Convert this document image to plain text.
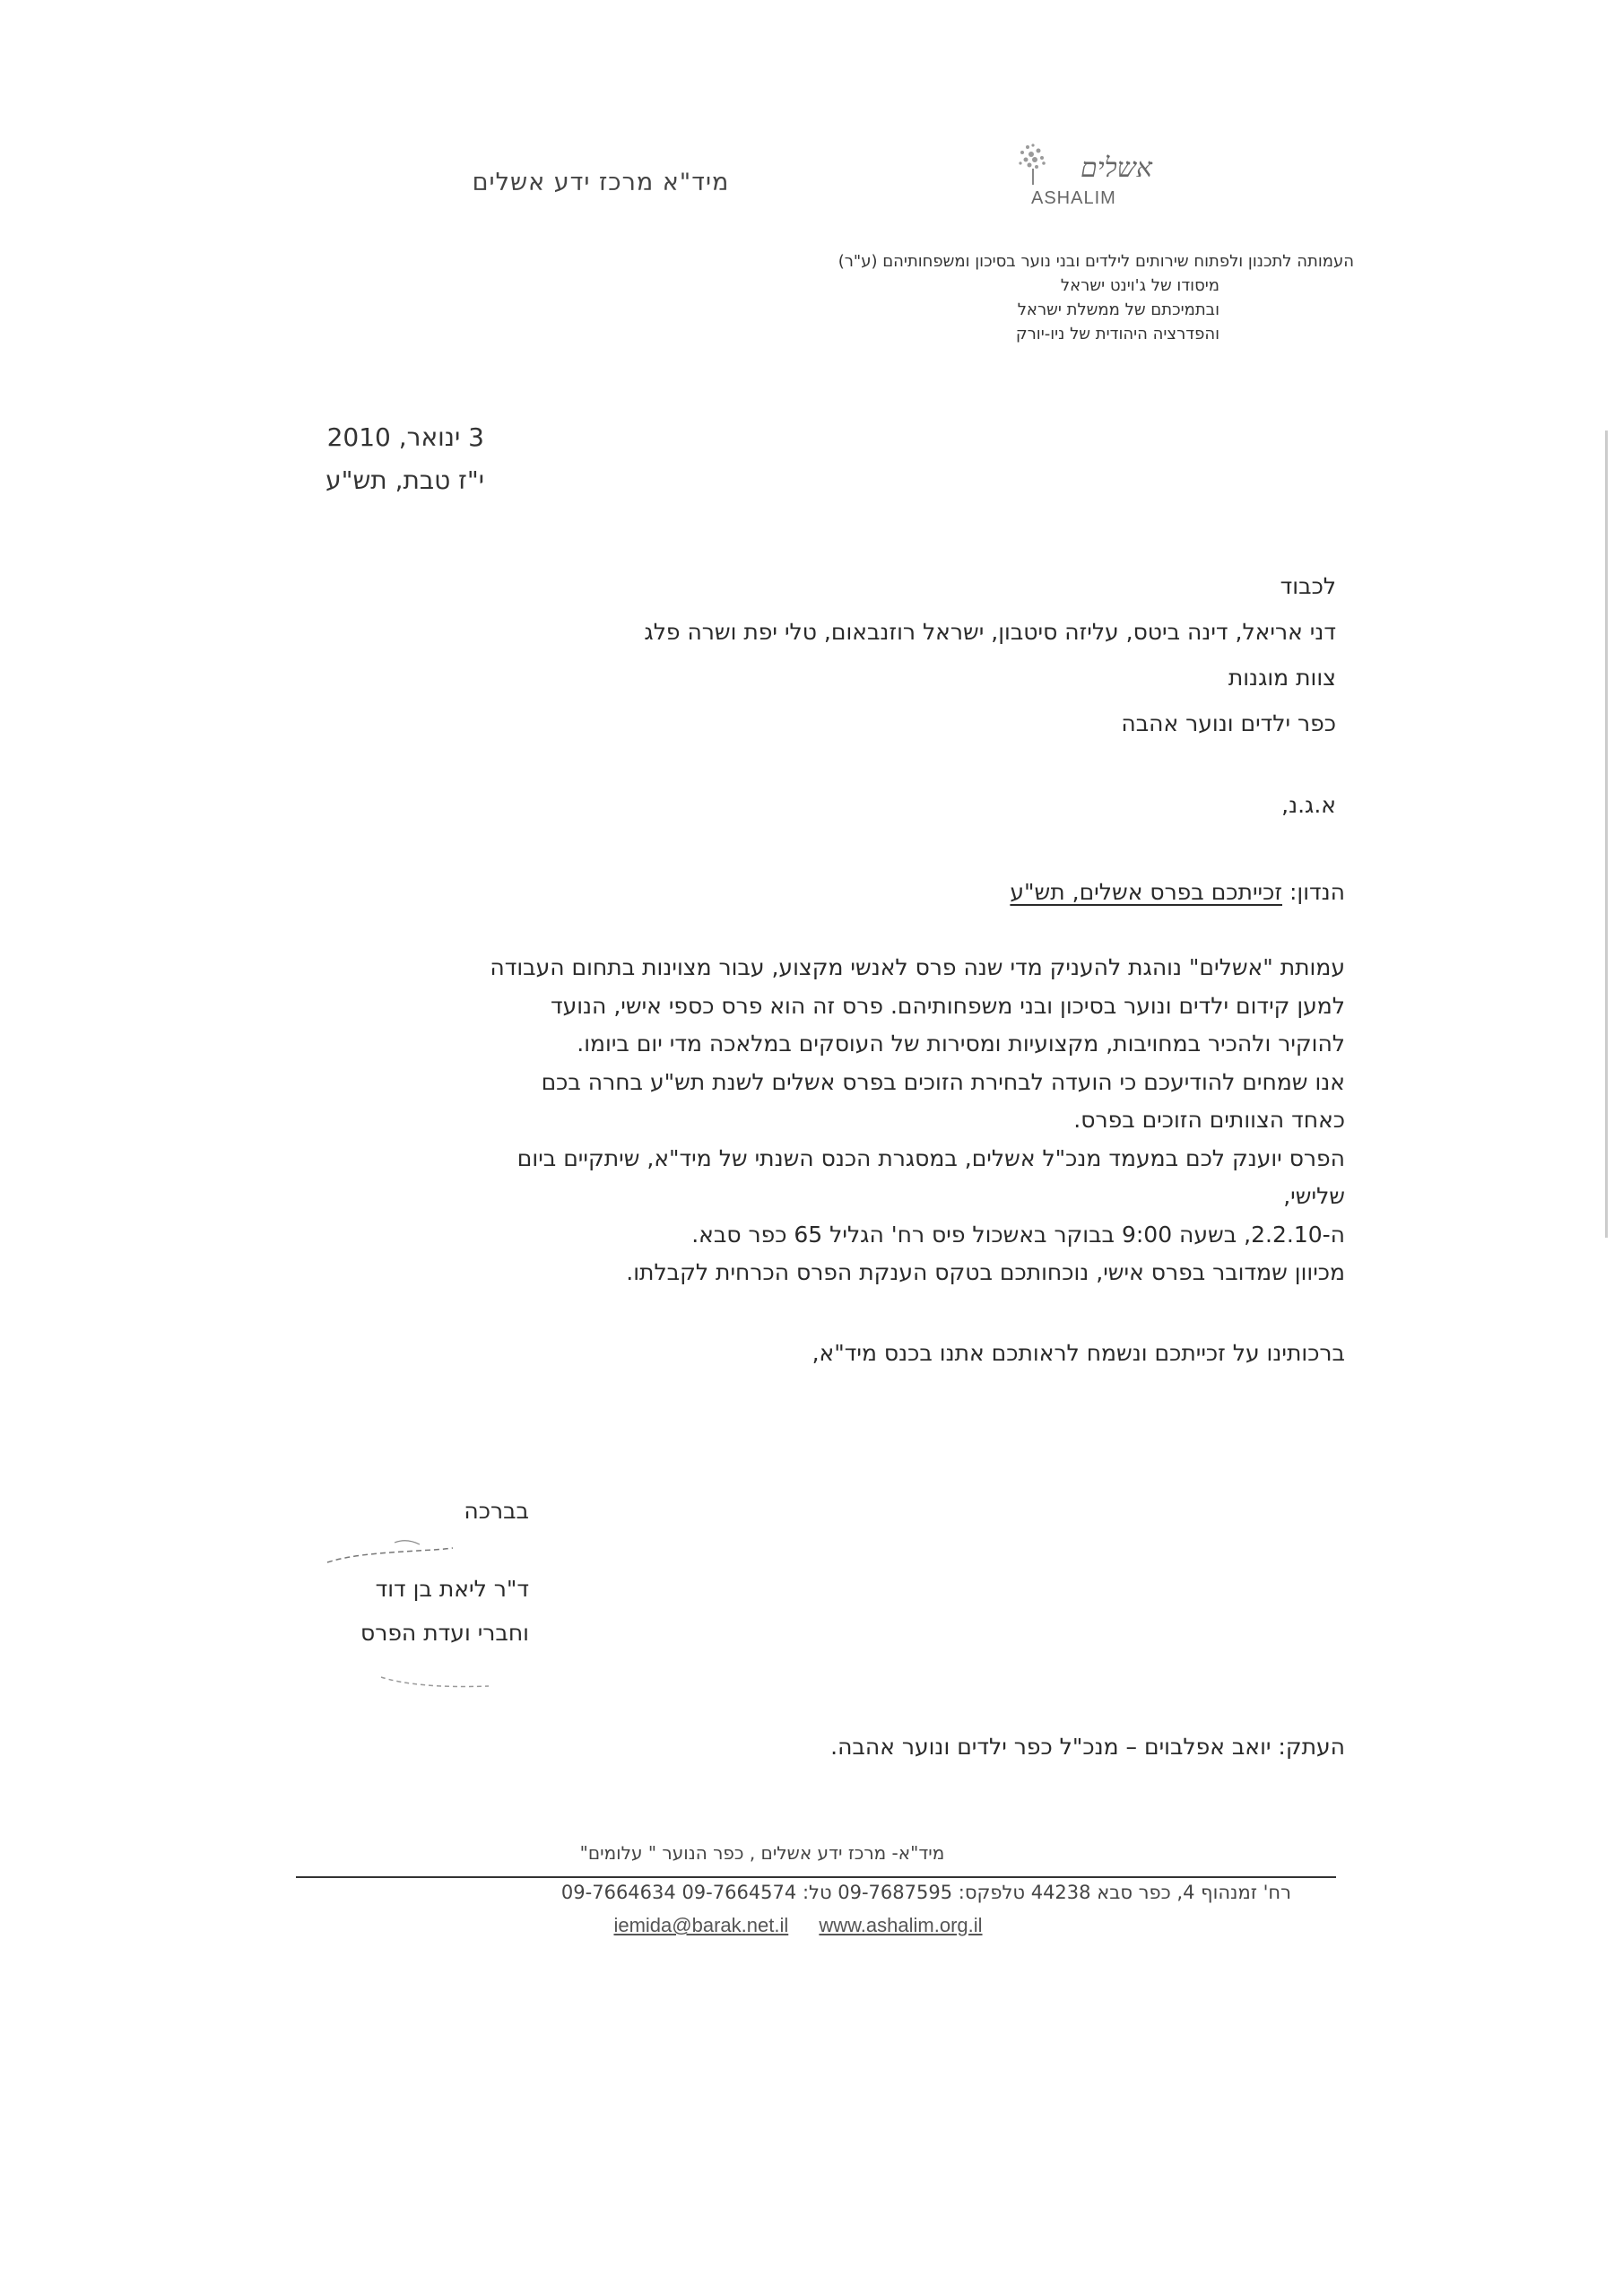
מיד"א מרכז ידע אשלים	אשלים
ASHALIM
העמותה לתכנון ולפתוח שירותים לילדים ובני נוער בסיכון ומשפחותיהם (ע"ר)
מיסודו של ג'וינט ישראל
ובתמיכתם של ממשלת ישראל
והפדרציה היהודית של ניו-יורק
3 ינואר, 2010
י"ז טבת, תש"ע
לכבוד
דני אריאל, דינה ביטס, עליזה סיטבון, ישראל רוזנבאום, טלי יפת ושרה פלג
צוות מוגנות
כפר ילדים ונוער אהבה
א.ג.נ,
הנדון: זכייתכם בפרס אשלים, תש"ע

עמותת "אשלים" נוהגת להעניק מדי שנה פרס לאנשי מקצוע, עבור מצוינות בתחום העבודה

למען קידום ילדים ונוער בסיכון ובני משפחותיהם. פרס זה הוא פרס כספי אישי, הנועד

להוקיר ולהכיר במחויבות, מקצועיות ומסירות של העוסקים במלאכה מדי יום ביומו.

אנו שמחים להודיעכם כי הועדה לבחירת הזוכים בפרס אשלים לשנת תש"ע בחרה בכם

כאחד הצוותים הזוכים בפרס.

הפרס יוענק לכם במעמד מנכ"ל אשלים, במסגרת הכנס השנתי של מיד"א, שיתקיים ביום

שלישי,

ה-2.2.10, בשעה 9:00 בבוקר באשכול פיס רח' הגליל 65 כפר סבא.

מכיוון שמדובר בפרס אישי, נוכחותכם בטקס הענקת הפרס הכרחית לקבלתו.

ברכותינו על זכייתכם ונשמח לראותכם אתנו בכנס מיד"א,
בברכה
ד"ר ליאת בן דוד
וחברי ועדת הפרס
העתק: יואב אפלבוים – מנכ"ל כפר ילדים ונוער אהבה.
מיד"א- מרכז ידע אשלים , כפר הנוער " עלומים"
רח' זמנהוף 4, כפר סבא 44238 טלפקס: 09-7687595 טל: 09-7664574 09-7664634
iemida@barak.net.il www.ashalim.org.il
